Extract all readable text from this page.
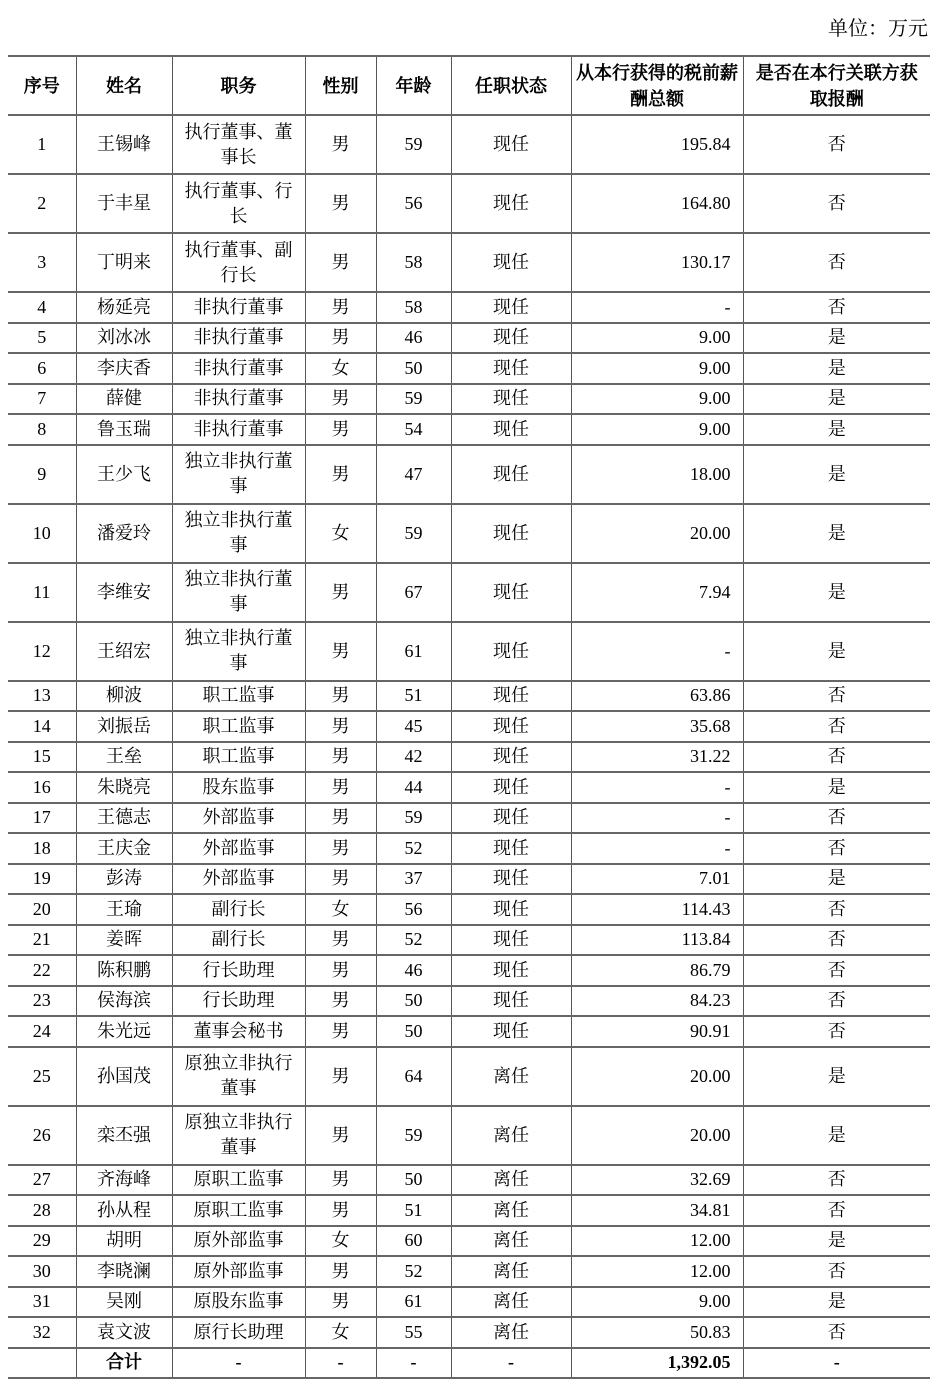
单位：万元
序号	姓名	职务	性别	年龄	任职状态	从本行获得的税前薪酬总额	是否在本行关联方获取报酬
1	王锡峰	执行董事、董事长	男	59	现任	195.84	否
2	于丰星	执行董事、行长	男	56	现任	164.80	否
3	丁明来	执行董事、副行长	男	58	现任	130.17	否
4	杨延亮	非执行董事	男	58	现任	-	否
5	刘冰冰	非执行董事	男	46	现任	9.00	是
6	李庆香	非执行董事	女	50	现任	9.00	是
7	薛健	非执行董事	男	59	现任	9.00	是
8	鲁玉瑞	非执行董事	男	54	现任	9.00	是
9	王少飞	独立非执行董事	男	47	现任	18.00	是
10	潘爱玲	独立非执行董事	女	59	现任	20.00	是
11	李维安	独立非执行董事	男	67	现任	7.94	是
12	王绍宏	独立非执行董事	男	61	现任	-	是
13	柳波	职工监事	男	51	现任	63.86	否
14	刘振岳	职工监事	男	45	现任	35.68	否
15	王垒	职工监事	男	42	现任	31.22	否
16	朱晓亮	股东监事	男	44	现任	-	是
17	王德志	外部监事	男	59	现任	-	否
18	王庆金	外部监事	男	52	现任	-	否
19	彭涛	外部监事	男	37	现任	7.01	是
20	王瑜	副行长	女	56	现任	114.43	否
21	姜晖	副行长	男	52	现任	113.84	否
22	陈积鹏	行长助理	男	46	现任	86.79	否
23	侯海滨	行长助理	男	50	现任	84.23	否
24	朱光远	董事会秘书	男	50	现任	90.91	否
25	孙国茂	原独立非执行董事	男	64	离任	20.00	是
26	栾丕强	原独立非执行董事	男	59	离任	20.00	是
27	齐海峰	原职工监事	男	50	离任	32.69	否
28	孙从程	原职工监事	男	51	离任	34.81	否
29	胡明	原外部监事	女	60	离任	12.00	是
30	李晓澜	原外部监事	男	52	离任	12.00	否
31	吴刚	原股东监事	男	61	离任	9.00	是
32	袁文波	原行长助理	女	55	离任	50.83	否
	合计	-	-	-	-	1,392.05	-
